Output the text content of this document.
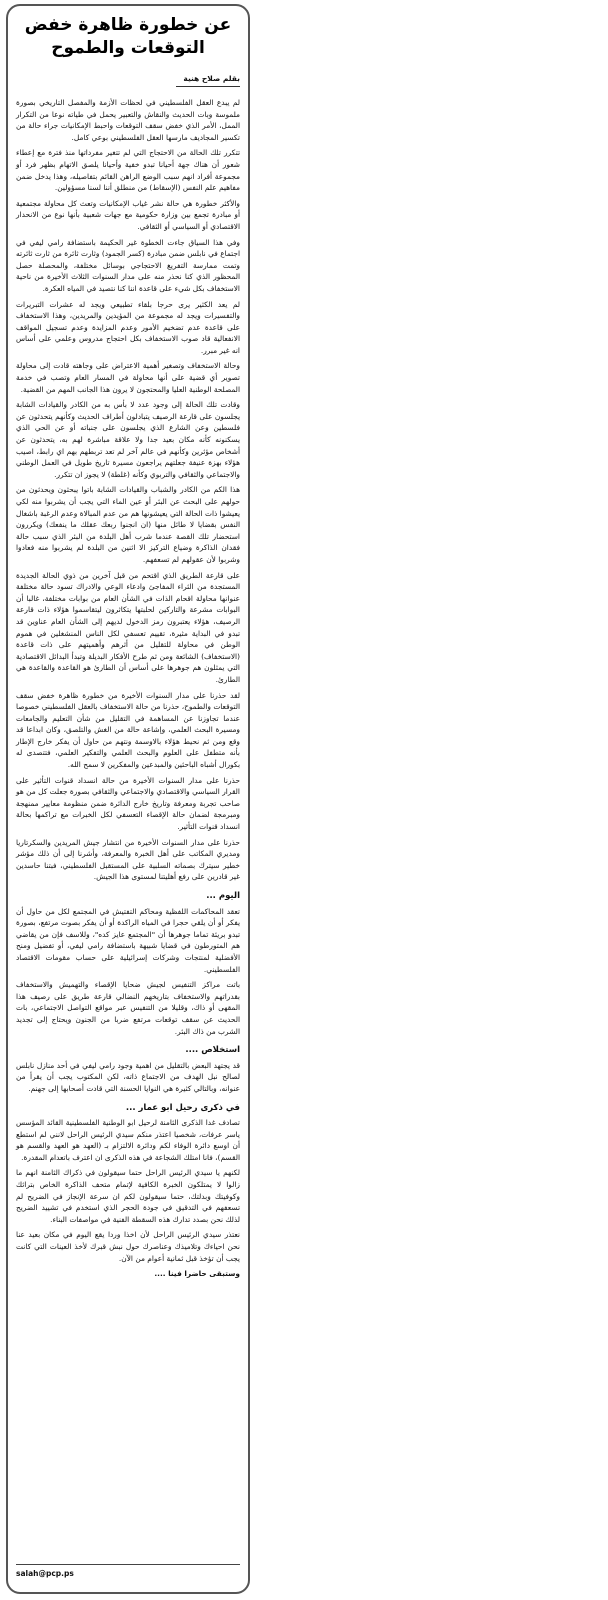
عن خطورة ظاهرة خفض التوقعات والطموح
بقلم صلاح هنية

لم يبدع العقل الفلسطيني في لحظات الأزمة والمفصل التاريخي بصورة ملموسة وبات الحديث والنقاش والتعبير يحمل في طياته نوعا من التكرار الممل، الأمر الذي خفض سقف التوقعات واحبط الإمكانيات جراء حالة من تكسير المجاديف مارسها العقل الفلسطيني بوعي كامل.

تتكرر تلك الحالة من الاحتجاج التي لم تتغير مفرداتها منذ فترة مع إعطاء شعور أن هناك جهة أحيانا تبدو خفية وأحيانا يلصق الاتهام بظهر فرد أو مجموعة أفراد انهم سبب الوضع الراهن القائم بتفاصيله، وهذا يدخل ضمن مفاهيم علم النفس (الإسقاط) من منطلق أننا لسنا مسؤولين.

والأكثر خطورة هي حالة نشر غياب الإمكانيات وتعث كل محاولة مجتمعية أو مبادرة تجمع بين وزارة حكومية مع جهات شعبية بأنها نوع من الانحدار الاقتصادي أو السياسي أو الثقافي.

وفي هذا السياق جاءت الخطوة غير الحكيمة باستضافة رامي ليفي في اجتماع في نابلس ضمن مبادرة (كسر الجمود) وثارت ثائرة من ثارت ثائرته وتمت ممارسة التفريغ الاحتجاجي بوسائل مختلفة، والمحصلة حصل المحظور الذي كنا نحذر منه على مدار السنوات الثلاث الأخيرة من ناحية الاستخفاف بكل شيء على قاعدة اننا كنا نتصيد في المياه العكرة.

لم يعد الكثير يرى حرجا بلقاء تطبيعي ويجد له عشرات التبريرات والتفسيرات ويجد له مجموعة من المؤيدين والمريدين، وهذا الاستخفاف على قاعدة عدم تضخيم الأمور وعدم المزايدة وعدم تسجيل المواقف الانفعالية قاد صوب الاستخفاف بكل احتجاج مدروس وعلمي على أساس انه غير مبرر.

وحالة الاستخفاف وتصغير أهمية الاعتراض على وجاهته قادت إلى محاولة تصوير أي قضية على أنها محاولة في المسار العام وتصب في خدمة المصلحة الوطنية العليا والمحتجون لا يرون هذا الجانب المهم من القضية.

وقادت تلك الحالة إلى وجود عدد لا بأس به من الكادر والقيادات الشابة يجلسون على قارعة الرصيف يتبادلون أطراف الحديث وكأنهم يتحدثون عن فلسطين وعن الشارع الذي يجلسون على جنباته أو عن الحي الذي يسكنونه كأنه مكان بعيد جدا ولا علاقة مباشرة لهم به، يتحدثون عن أشخاص مؤثرين وكأنهم في عالم آخر لم تعد تربطهم بهم اي رابط، اصيب هؤلاء بهزة عنيفة جعلتهم يراجعون مسيرة تاريخ طويل في العمل الوطني والاجتماعي والثقافي والتربوي وكأنه (غلطة) لا يجوز ان تتكرر.

هذا الكم من الكادر والشباب والقيادات الشابة باتوا يبحثون ويحدثون من حولهم على البحث عن البئر أو عين الماء التي يجب أن يشربوا منه لكي يعيشوا ذات الحالة التي يعيشونها هم من عدم المبالاة وعدم الرغبة باشغال النفس بقضايا لا طائل منها (ان انجنوا ربعك عقلك ما ينفعك) ويكررون استحضار تلك القصة عندما شرب أهل البلدة من البئر الذي سبب حالة فقدان الذاكرة وضياع التركيز الا اثنين من البلدة لم يشربوا منه فعادوا وشربوا لأن عقولهم لم تسعفهم.

على قارعة الطريق الذي اقتحم من قبل آخرين من ذوي الحالة الجديدة المستجدة من الثراء المفاجئ وادعاء الوعي والادراك تسود حالة مختلفة عنوانها محاولة اقحام الذات في الشأن العام من بوابات مختلفة، غالبا أن البوابات مشرعة والتاركين لحلبتها يتكاثرون ليتقاسموا هؤلاء ذات قارعة الرصيف، هؤلاء يعتبرون رمز الدخول لديهم إلى الشأن العام عناوين قد تبدو في البداية مثيرة، تقييم تعسفي لكل الناس المنشغلين في هموم الوطن في محاولة للتقليل من أثرهم وأهميتهم على ذات قاعدة (الاستخفاف) الشائعة ومن ثم طرح الأفكار البديلة وتبدأ البدائل الاقتصادية التي يمثلون هم جوهرها على أساس أن الطارئ هو القاعدة والقاعدة هي الطارئ.

لقد حذرنا على مدار السنوات الأخيرة من خطورة ظاهرة خفض سقف التوقعات والطموح، حذرنا من حالة الاستخفاف بالعقل الفلسطيني خصوصا عندما تجاوزنا عن المساهمة في التقليل من شأن التعليم والجامعات ومسيرة البحث العلمي، وإشاعة حالة من الغش والتلصق، وكان ابداعا قد وقع ومن ثم نحيط هؤلاء بالاوسمة ونتهم من حاول أن يفكر خارج الإطار بأنه متطفل على العلوم والبحث العلمي والتفكير العلمي، فتتصدى له بكورال أشباه الباحثين والمبدعين والمفكرين لا سمح الله.

حذرنا على مدار السنوات الأخيرة من حالة انسداد قنوات التأثير على القرار السياسي والاقتصادي والاجتماعي والثقافي بصورة جعلت كل من هو صاحب تجربة ومعرفة وتاريخ خارج الدائرة ضمن منظومة معايير ممنهجة ومبرمجة لضمان حالة الإقصاء التعسفي لكل الخبرات مع تراكمها بحالة انسداد قنوات التأثير.

حذرنا على مدار السنوات الأخيرة من انتشار جيش المريدين والسكرتاريا ومديري المكاتب على أهل الخبرة والمعرفة، وأشرنا إلى أن ذلك مؤشر خطير سيترك بصماته السلبية على المستقبل الفلسطيني، فبتنا حاسدين غير قادرين على رفع أهليتنا لمستوى هذا الجيش.

اليوم ...

تعقد المحاكمات اللفظية ومحاكم التفتيش في المجتمع لكل من حاول أن يفكر أو أن يلقي حجرا في المياه الراكدة أو أن يفكر بصوت مرتفع، بصورة تبدو بريئة تماما جوهرها أن "المجتمع عايز كده"، وللاسف فإن من يقاضي هم المتورطون في قضايا شبيهة باستضافة رامي ليفي، أو تفضيل ومنح الأفضلية لمنتجات وشركات إسرائيلية على حساب مقومات الاقتصاد الفلسطيني.

باتت مراكز التنفيس لجيش ضحايا الإقصاء والتهميش والاستخفاف بقدراتهم والاستخفاف بتاريخهم النضالي قارعة طريق على رصيف هذا المقهى أو ذاك، وقليلا من التنفيس عبر مواقع التواصل الاجتماعي، بات الحديث عن سقف توقعات مرتفع ضربا من الجنون ويحتاج إلى تجديد الشرب من ذاك البئر.

استخلاص ....

قد يجتهد البعض بالتقليل من اهمية وجود رامي ليفي في أحد منازل نابلس لصالح نبل الهدف من الاجتماع ذاته، لكن المكتوب يجب أن يقرأ من عنوانه، وبالتالي كثيرة هي النوايا الحسنة التي قادت أصحابها إلى جهنم.

في ذكرى رحيل ابو عمار ...

تصادف غدا الذكرى الثامنة لرحيل ابو الوطنية الفلسطينية القائد المؤسس ياسر عرفات، شخصيا اعتذر منكم سيدي الرئيس الراحل لانني لم استطع أن اوسع دائرة الوفاء لكم ودائرة الالتزام بـ (العهد هو العهد والقسم هو القسم)، فانا امتلك الشجاعة في هذه الذكرى ان اعترف باتعدام المقدرة.

لكنهم يا سيدي الرئيس الراحل حتما سيقولون في ذكراك الثامنة انهم ما زالوا لا يمتلكون الخبرة الكافية لإتمام متحف الذاكرة الخاص بتراثك وكوفيتك وبدلتك، حتما سيقولون لكم ان سرعة الإنجاز في الضريح لم تسعفهم في التدقيق في جودة الحجر الذي استخدم في تشييد الضريح لذلك نحن بصدد تدارك هذه السقطة الفنية في مواصفات البناء.

نعتذر سيدي الرئيس الراحل لأن اخذا وردا يقع اليوم في مكان بعيد عنا نحن احياءك وتلاميذك وعناصرك حول نبش قبرك لأخذ العينات التي كانت يجب أن تؤخذ قبل ثمانية أعوام من الآن.

وستبقى حاضرا فينا ....

salah@pcp.ps
